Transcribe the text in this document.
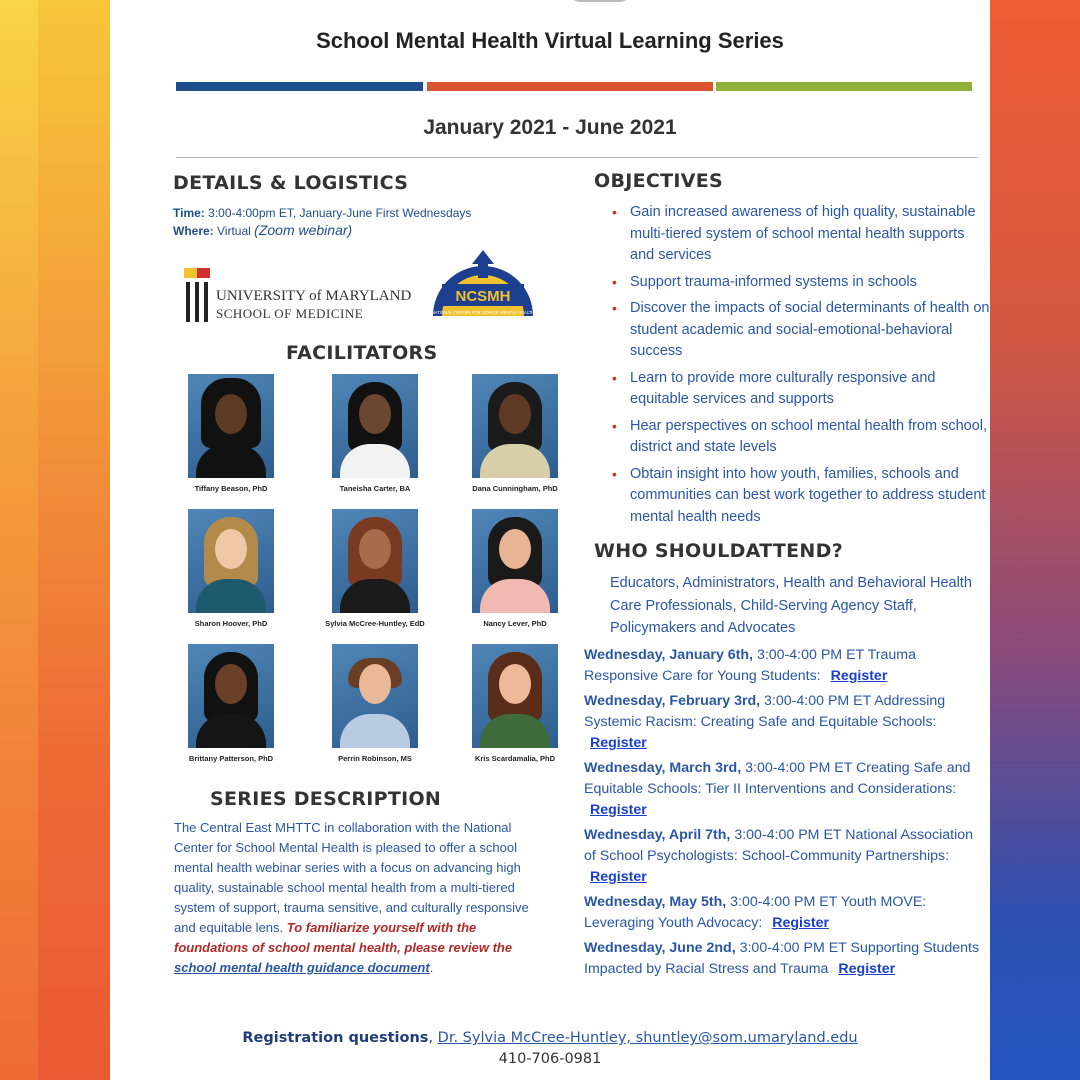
School Mental Health Virtual Learning Series
January 2021 - June 2021
DETAILS & LOGISTICS
Time: 3:00-4:00pm ET, January-June First Wednesdays
Where: Virtual (Zoom webinar)
UNIVERSITY of MARYLAND
SCHOOL OF MEDICINE
NCSMH
NATIONAL CENTER FOR SCHOOL MENTAL HEALTH
FACILITATORS
Tiffany Beason, PhD	Taneisha Carter, BA	Dana Cunningham, PhD
Sharon Hoover, PhD	Sylvia McCree-Huntley, EdD	Nancy Lever, PhD
Brittany Patterson, PhD	Perrin Robinson, MS	Kris Scardamalia, PhD
SERIES DESCRIPTION
The Central East MHTTC in collaboration with the National Center for School Mental Health is pleased to offer a school mental health webinar series with a focus on advancing high quality, sustainable school mental health from a multi-tiered system of support, trauma sensitive, and culturally responsive and equitable lens. To familiarize yourself with the foundations of school mental health, please review the school mental health guidance document.
OBJECTIVES
• Gain increased awareness of high quality, sustainable multi-tiered system of school mental health supports and services
• Support trauma-informed systems in schools
• Discover the impacts of social determinants of health on student academic and social-emotional-behavioral success
• Learn to provide more culturally responsive and equitable services and supports
• Hear perspectives on school mental health from school, district and state levels
• Obtain insight into how youth, families, schools and communities can best work together to address student mental health needs
WHO SHOULDATTEND?
Educators, Administrators, Health and Behavioral Health Care Professionals, Child-Serving Agency Staff, Policymakers and Advocates
Wednesday, January 6th, 3:00-4:00 PM ET Trauma Responsive Care for Young Students: Register
Wednesday, February 3rd, 3:00-4:00 PM ET Addressing Systemic Racism: Creating Safe and Equitable Schools: Register
Wednesday, March 3rd, 3:00-4:00 PM ET Creating Safe and Equitable Schools: Tier II Interventions and Considerations: Register
Wednesday, April 7th, 3:00-4:00 PM ET National Association of School Psychologists: School-Community Partnerships: Register
Wednesday, May 5th, 3:00-4:00 PM ET Youth MOVE: Leveraging Youth Advocacy: Register
Wednesday, June 2nd, 3:00-4:00 PM ET Supporting Students Impacted by Racial Stress and Trauma Register
Registration questions, Dr. Sylvia McCree-Huntley, shuntley@som.umaryland.edu
410-706-0981
